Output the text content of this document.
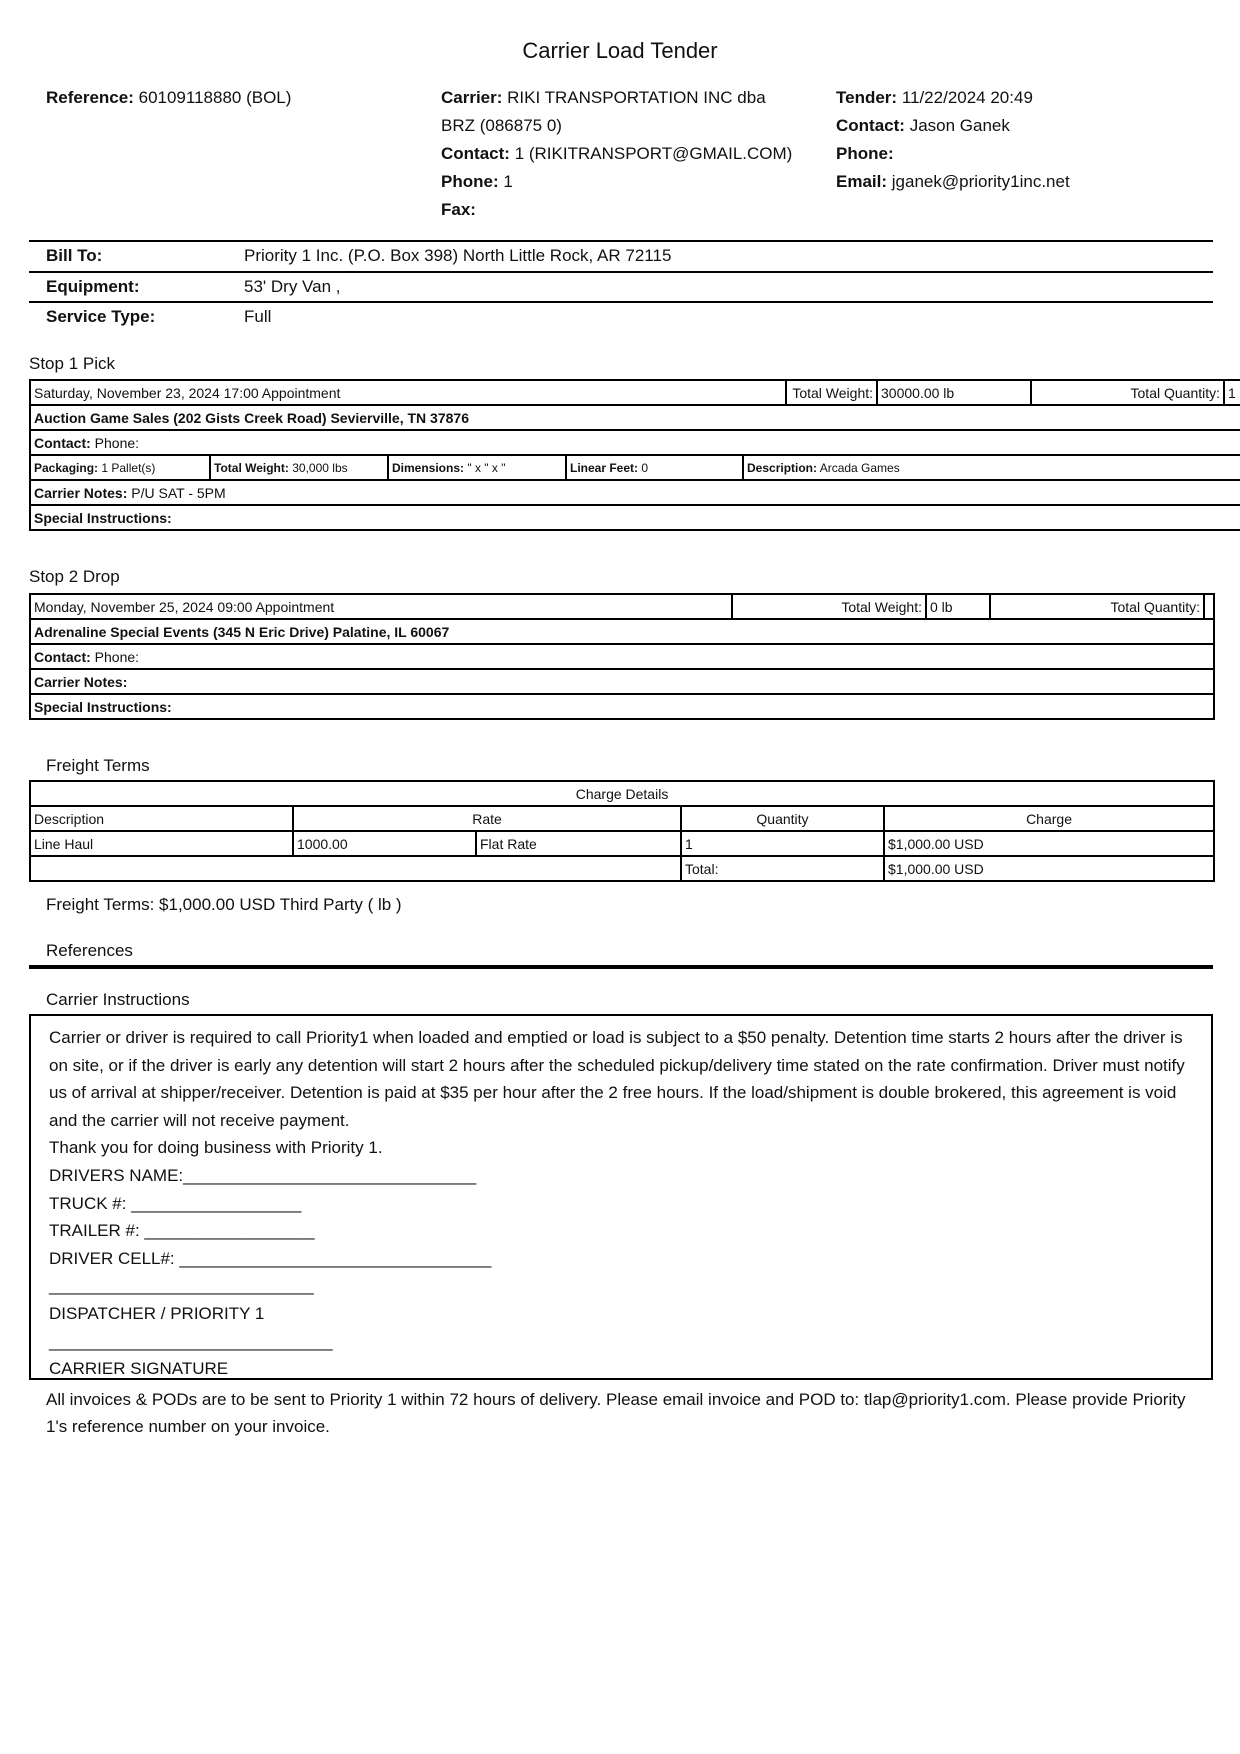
Carrier Load Tender
Reference: 60109118880 (BOL)	Carrier: RIKI TRANSPORTATION INC dba
BRZ (086875 0)
Contact: 1 (RIKITRANSPORT@GMAIL.COM)
Phone: 1
Fax:
Tender: 11/22/2024 20:49
Contact: Jason Ganek
Phone:
Email: jganek@priority1inc.net
Bill To:	Priority 1 Inc. (P.O. Box 398) North Little Rock, AR 72115
Equipment:	53' Dry Van ,
Service Type:	Full
Stop 1 Pick
Saturday, November 23, 2024 17:00 Appointment					Total Weight:	30000.00 lb	Total Quantity:	1
Auction Game Sales (202 Gists Creek Road) Sevierville, TN 37876								
Contact: Phone:								
Packaging: 1 Pallet(s)	Total Weight: 30,000 lbs	Dimensions: " x " x "	Linear Feet: 0	Description: Arcada Games				
Carrier Notes: P/U SAT - 5PM								
Special Instructions:								
Stop 2 Drop
Monday, November 25, 2024 09:00 Appointment	Total Weight:	0 lb	Total Quantity:	
Adrenaline Special Events (345 N Eric Drive) Palatine, IL 60067
Contact: Phone:
Carrier Notes:
Special Instructions:
Freight Terms
Charge Details				
Description	Rate		Quantity	Charge
Line Haul	1000.00	Flat Rate	1	$1,000.00 USD
			Total:	$1,000.00 USD
Freight Terms: $1,000.00 USD Third Party ( lb )
References
Carrier Instructions
Carrier or driver is required to call Priority1 when loaded and emptied or load is subject to a $50 penalty. Detention time starts 2 hours after the driver is on site, or if the driver is early any detention will start 2 hours after the scheduled pickup/delivery time stated on the rate confirmation. Driver must notify us of arrival at shipper/receiver. Detention is paid at $35 per hour after the 2 free hours. If the load/shipment is double brokered, this agreement is void and the carrier will not receive payment.
Thank you for doing business with Priority 1.
DRIVERS NAME:_______________________________
TRUCK #: __________________
TRAILER #: __________________
DRIVER CELL#: _________________________________
____________________________
DISPATCHER / PRIORITY 1
______________________________
CARRIER SIGNATURE
All invoices & PODs are to be sent to Priority 1 within 72 hours of delivery. Please email invoice and POD to: tlap@priority1.com. Please provide Priority 1's reference number on your invoice.
